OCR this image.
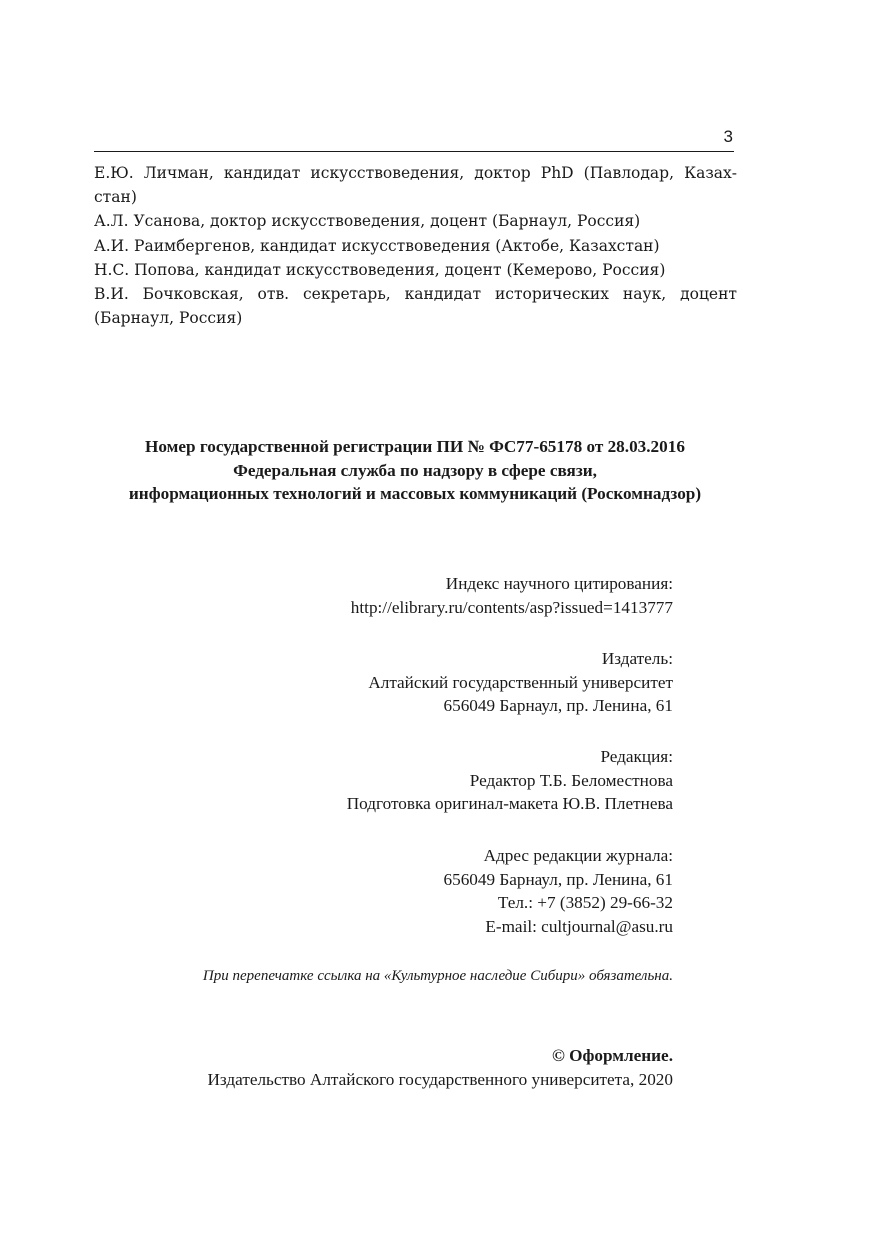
3
Е.Ю. Личман, кандидат искусствоведения, доктор PhD (Павлодар, Казах-стан)
А.Л. Усанова, доктор искусствоведения, доцент (Барнаул, Россия)
А.И. Раимбергенов, кандидат искусствоведения (Актобе, Казахстан)
Н.С. Попова, кандидат искусствоведения, доцент (Кемерово, Россия)
В.И. Бочковская, отв. секретарь, кандидат исторических наук, доцент (Барнаул, Россия)
Номер государственной регистрации ПИ № ФС77-65178 от 28.03.2016
Федеральная служба по надзору в сфере связи,
информационных технологий и массовых коммуникаций (Роскомнадзор)
Индекс научного цитирования:
http://elibrary.ru/contents/asp?issued=1413777
Издатель:
Алтайский государственный университет
656049 Барнаул, пр. Ленина, 61
Редакция:
Редактор Т.Б. Беломестнова
Подготовка оригинал-макета Ю.В. Плетнева
Адрес редакции журнала:
656049 Барнаул, пр. Ленина, 61
Тел.: +7 (3852) 29-66-32
E-mail: cultjournal@asu.ru
При перепечатке ссылка на «Культурное наследие Сибири» обязательна.
© Оформление.
Издательство Алтайского государственного университета, 2020
